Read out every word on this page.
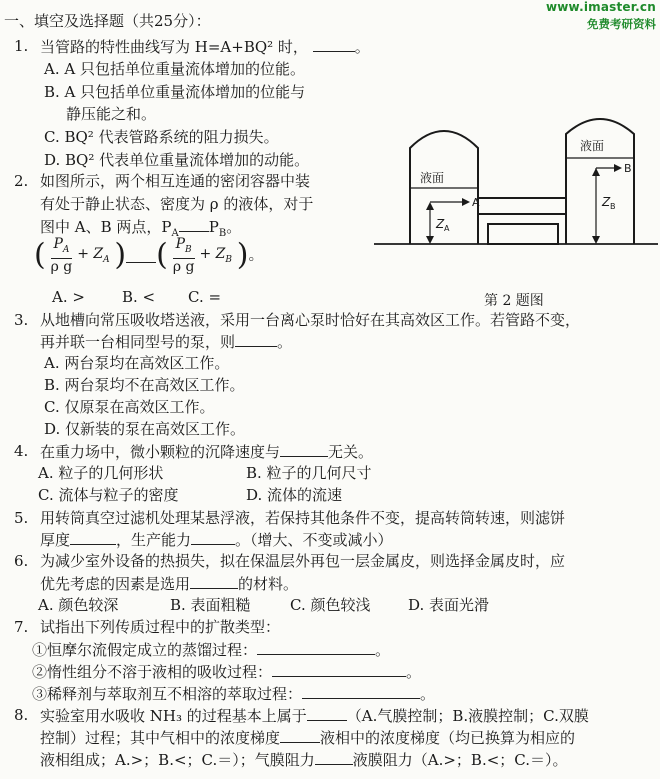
www.imaster.cn
免费考研资料
一、填空及选择题（共25分）：
1. 当管路的特性曲线写为 H=A+BQ² 时，	。
A. A 只包括单位重量流体增加的位能。
B. A 只包括单位重量流体增加的位能与
静压能之和。
C. BQ² 代表管路系统的阻力损失。
D. BQ² 代表单位重量流体增加的动能。
2. 如图所示，两个相互连通的密闭容器中装
有处于静止状态、密度为 ρ 的液体，对于
图中 A、B 两点，$P_A$ $P_B$。
( $\frac{P_A}{\text{ρ g}} + Z_A$ ) ( $\frac{P_B}{\text{ρ g}} + Z_B$ )。
A. > B. < C. =
液面
液面
A
B
Z A
Z B
第 2 题图
3. 从地槽向常压吸收塔送液，采用一台离心泵时恰好在其高效区工作。若管路不变，
再并联一台相同型号的泵，则	。
A. 两台泵均在高效区工作。
B. 两台泵均不在高效区工作。
C. 仅原泵在高效区工作。
D. 仅新装的泵在高效区工作。
4. 在重力场中，微小颗粒的沉降速度与	无关。
A. 粒子的几何形状	B. 粒子的几何尺寸
C. 流体与粒子的密度	D. 流体的流速
5. 用转筒真空过滤机处理某悬浮液，若保持其他条件不变，提高转筒转速，则滤饼
厚度	，生产能力	。（增大、不变或减小）
6. 为减少室外设备的热损失，拟在保温层外再包一层金属皮，则选择金属皮时，应
优先考虑的因素是选用	的材料。
A. 颜色较深	B. 表面粗糙	C. 颜色较浅	D. 表面光滑
7. 试指出下列传质过程中的扩散类型：
①恒摩尔流假定成立的蒸馏过程：	。
②惰性组分不溶于液相的吸收过程：	。
③稀释剂与萃取剂互不相溶的萃取过程：	。
8. 实验室用水吸收 NH₃ 的过程基本上属于	（A.气膜控制；B.液膜控制；C.双膜
控制）过程；其中气相中的浓度梯度	液相中的浓度梯度（均已换算为相应的
液相组成；A.>；B.<；C.＝）；气膜阻力	液膜阻力（A.>；B.<；C.＝）。
